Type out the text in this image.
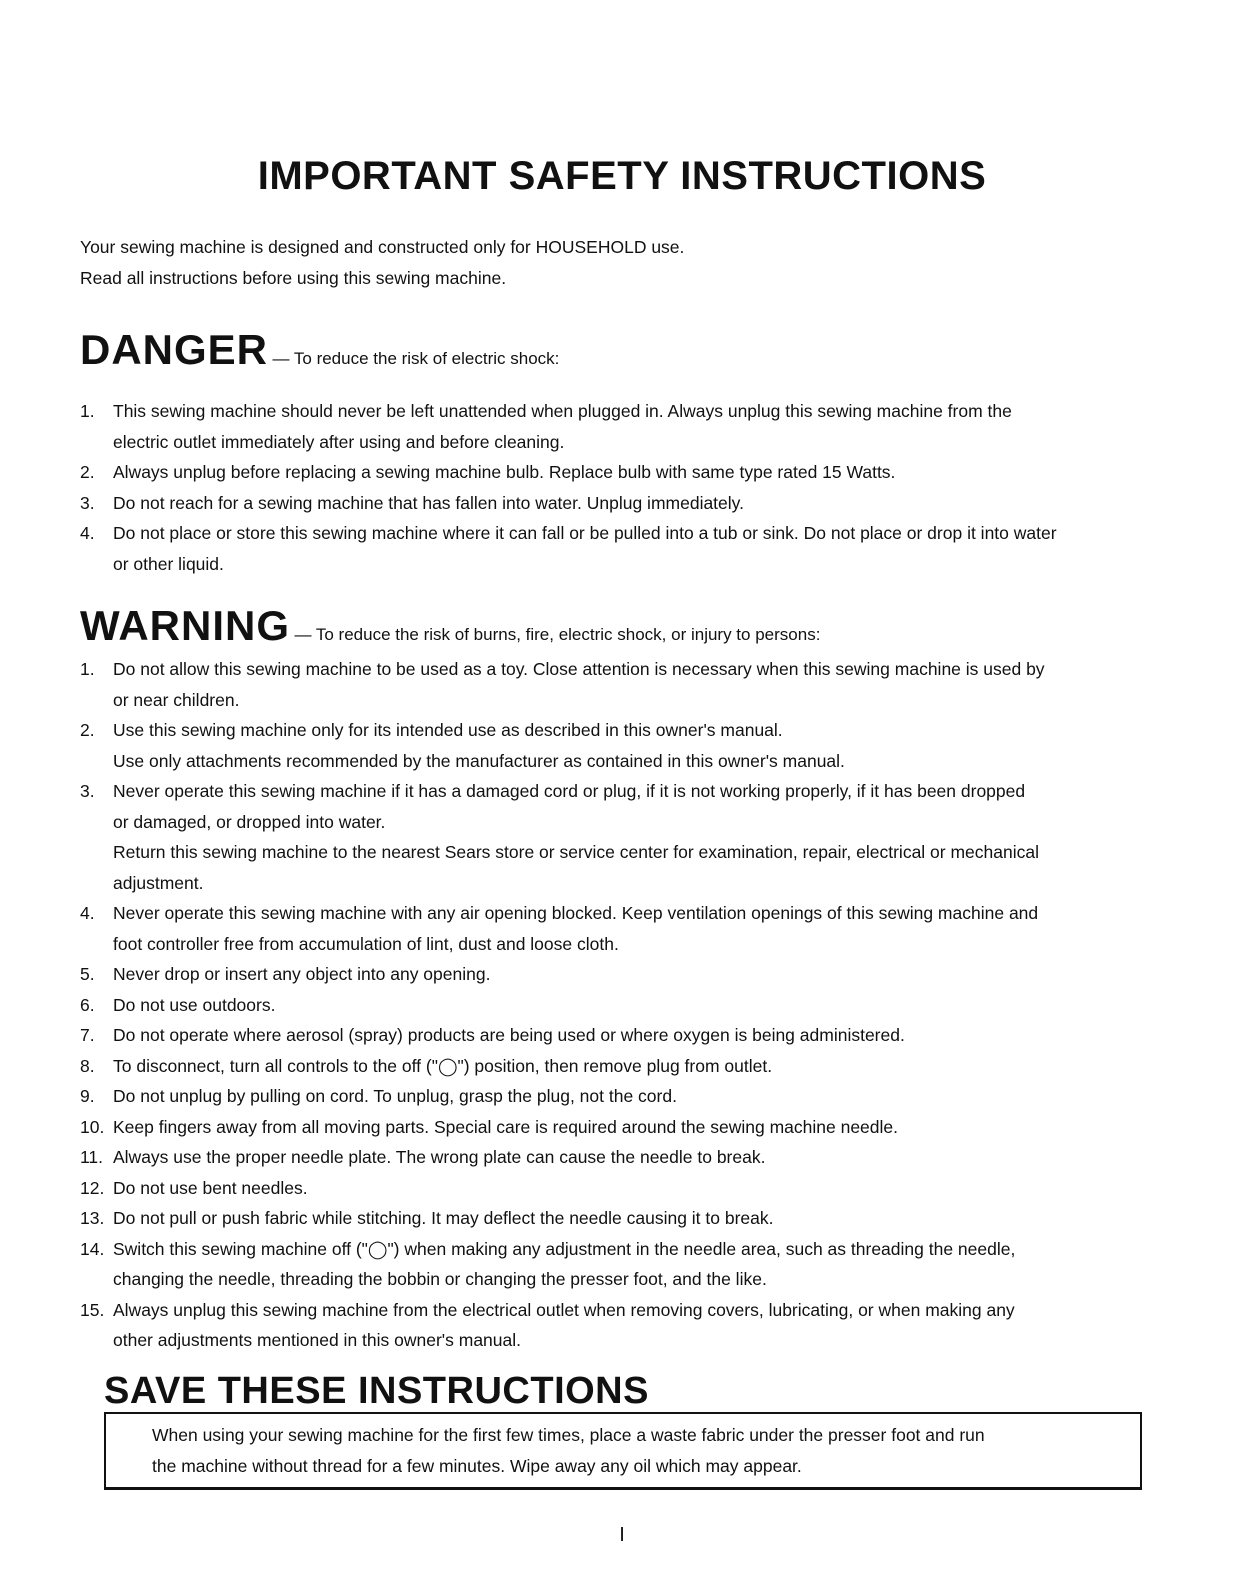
IMPORTANT SAFETY INSTRUCTIONS
Your sewing machine is designed and constructed only for HOUSEHOLD use.
Read all instructions before using this sewing machine.
DANGER — To reduce the risk of electric shock:
1. This sewing machine should never be left unattended when plugged in. Always unplug this sewing machine from the
electric outlet immediately after using and before cleaning.
2. Always unplug before replacing a sewing machine bulb. Replace bulb with same type rated 15 Watts.
3. Do not reach for a sewing machine that has fallen into water. Unplug immediately.
4. Do not place or store this sewing machine where it can fall or be pulled into a tub or sink. Do not place or drop it into water
or other liquid.
WARNING — To reduce the risk of burns, fire, electric shock, or injury to persons:
1. Do not allow this sewing machine to be used as a toy. Close attention is necessary when this sewing machine is used by
or near children.
2. Use this sewing machine only for its intended use as described in this owner's manual.
Use only attachments recommended by the manufacturer as contained in this owner's manual.
3. Never operate this sewing machine if it has a damaged cord or plug, if it is not working properly, if it has been dropped
or damaged, or dropped into water.
Return this sewing machine to the nearest Sears store or service center for examination, repair, electrical or mechanical
adjustment.
4. Never operate this sewing machine with any air opening blocked. Keep ventilation openings of this sewing machine and
foot controller free from accumulation of lint, dust and loose cloth.
5. Never drop or insert any object into any opening.
6. Do not use outdoors.
7. Do not operate where aerosol (spray) products are being used or where oxygen is being administered.
8. To disconnect, turn all controls to the off ("◯") position, then remove plug from outlet.
9. Do not unplug by pulling on cord. To unplug, grasp the plug, not the cord.
10. Keep fingers away from all moving parts. Special care is required around the sewing machine needle.
11. Always use the proper needle plate. The wrong plate can cause the needle to break.
12. Do not use bent needles.
13. Do not pull or push fabric while stitching. It may deflect the needle causing it to break.
14. Switch this sewing machine off ("◯") when making any adjustment in the needle area, such as threading the needle,
changing the needle, threading the bobbin or changing the presser foot, and the like.
15. Always unplug this sewing machine from the electrical outlet when removing covers, lubricating, or when making any
other adjustments mentioned in this owner's manual.
SAVE THESE INSTRUCTIONS

When using your sewing machine for the first few times, place a waste fabric under the presser foot and run
the machine without thread for a few minutes. Wipe away any oil which may appear.

I
